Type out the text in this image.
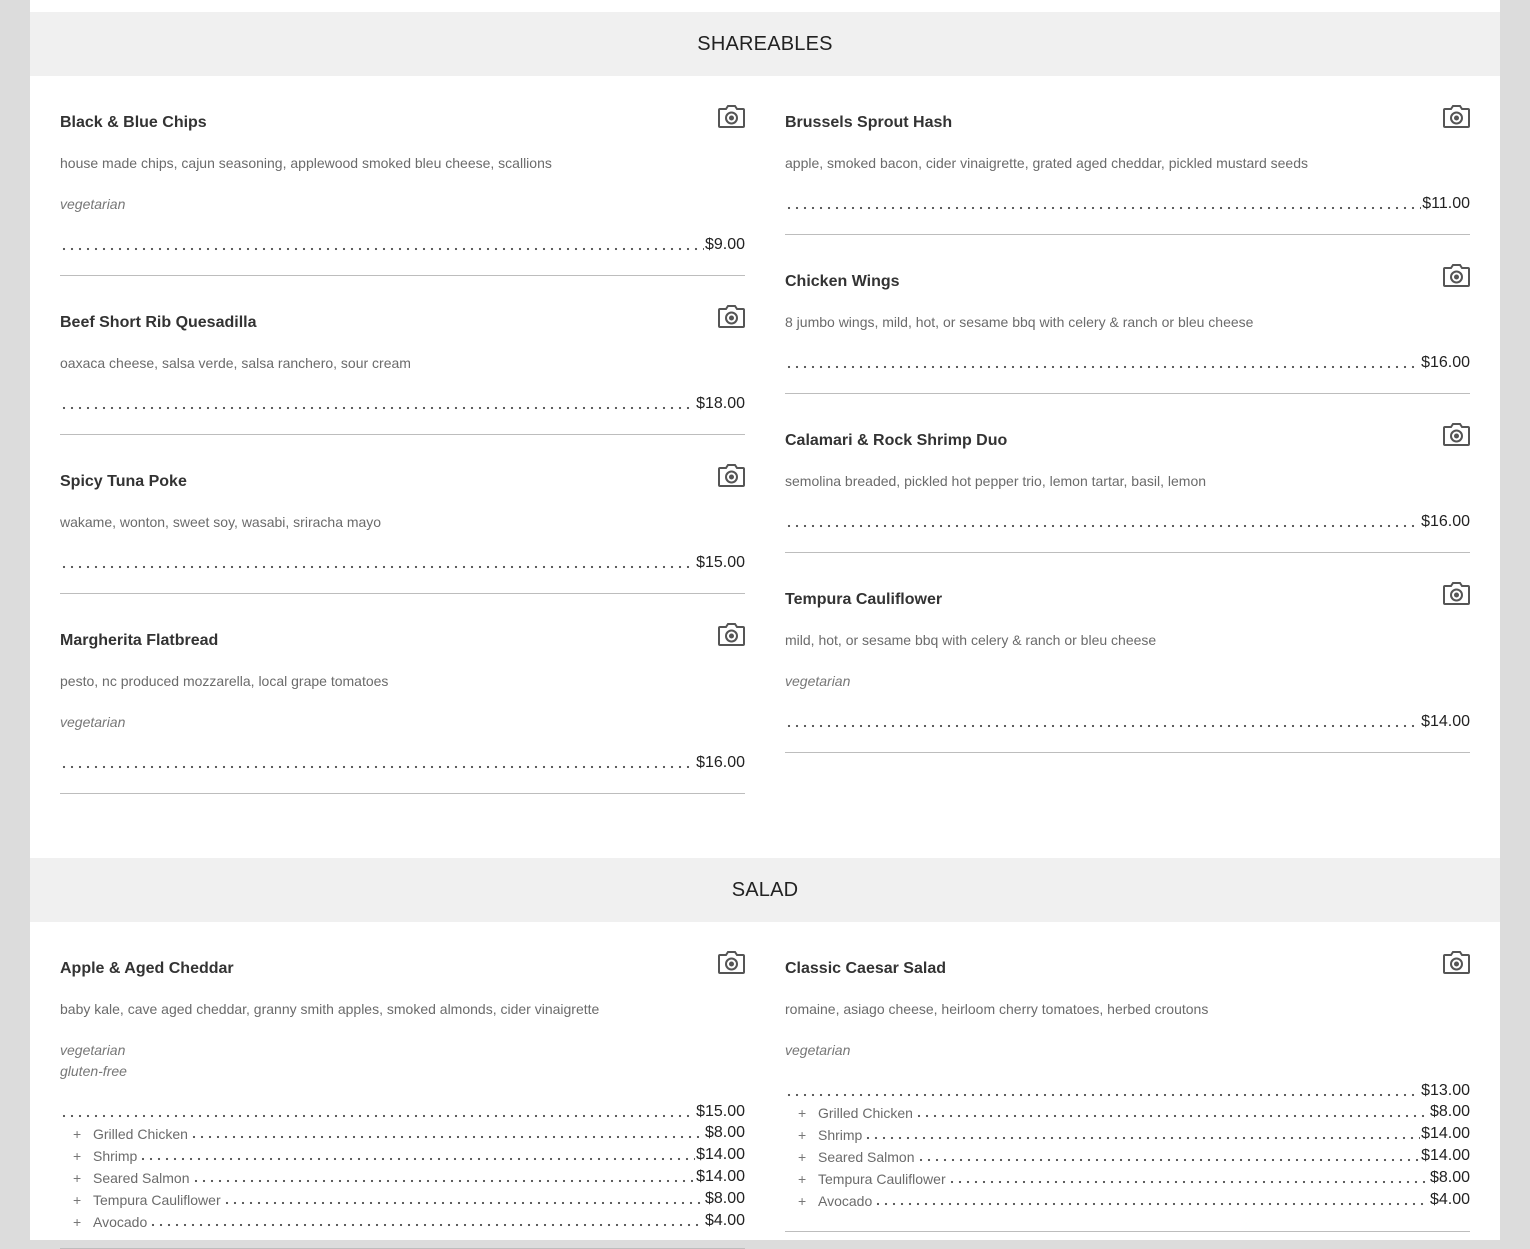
SHAREABLES
Black & Blue Chips
house made chips, cajun seasoning, applewood smoked bleu cheese, scallions
vegetarian
$9.00
Beef Short Rib Quesadilla
oaxaca cheese, salsa verde, salsa ranchero, sour cream
$18.00
Spicy Tuna Poke
wakame, wonton, sweet soy, wasabi, sriracha mayo
$15.00
Margherita Flatbread
pesto, nc produced mozzarella, local grape tomatoes
vegetarian
$16.00
Brussels Sprout Hash
apple, smoked bacon, cider vinaigrette, grated aged cheddar, pickled mustard seeds
$11.00
Chicken Wings
8 jumbo wings, mild, hot, or sesame bbq with celery & ranch or bleu cheese
$16.00
Calamari & Rock Shrimp Duo
semolina breaded, pickled hot pepper trio, lemon tartar, basil, lemon
$16.00
Tempura Cauliflower
mild, hot, or sesame bbq with celery & ranch or bleu cheese
vegetarian
$14.00
SALAD
Apple & Aged Cheddar
baby kale, cave aged cheddar, granny smith apples, smoked almonds, cider vinaigrette
vegetarian
gluten-free
$15.00
+ Grilled Chicken	$8.00
+ Shrimp	$14.00
+ Seared Salmon	$14.00
+ Tempura Cauliflower	$8.00
+ Avocado	$4.00
Classic Caesar Salad
romaine, asiago cheese, heirloom cherry tomatoes, herbed croutons
vegetarian
$13.00
+ Grilled Chicken	$8.00
+ Shrimp	$14.00
+ Seared Salmon	$14.00
+ Tempura Cauliflower	$8.00
+ Avocado	$4.00
